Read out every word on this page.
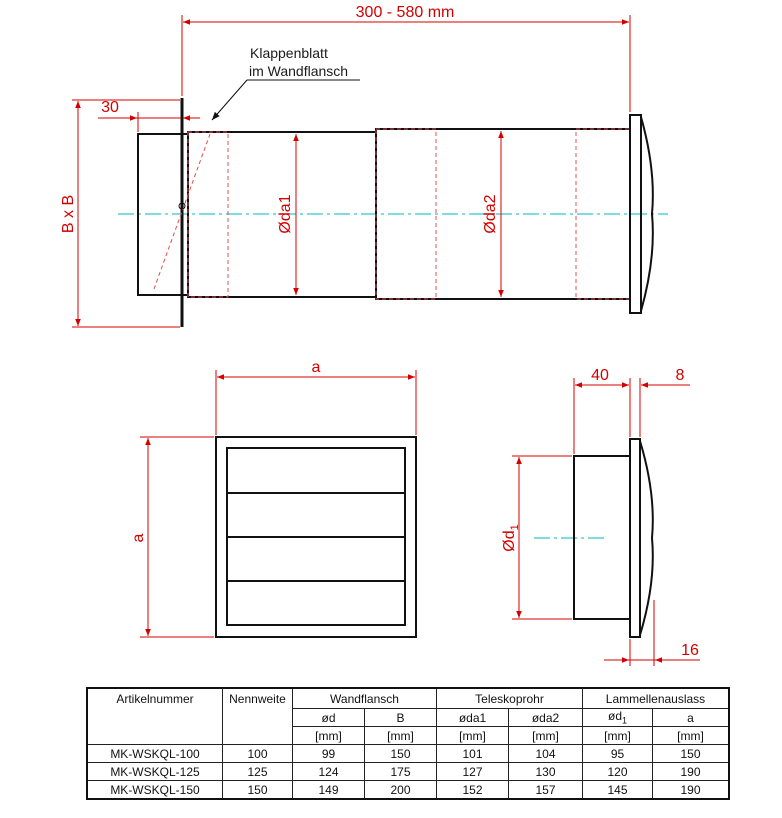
300 - 580 mm
30
B x B	Øda1	Øda2
Klappenblatt
im Wandflansch
a
a
40	8
$Ød_1$
16
Artikelnummer	Nennweite	Wandflansch		Teleskoprohr		Lammellenauslass	
		ød	B	øda1	øda2	$ød_1$	a
		[mm]	[mm]	[mm]	[mm]	[mm]	[mm]
MK-WSKQL-100	100	99	150	101	104	95	150
MK-WSKQL-125	125	124	175	127	130	120	190
MK-WSKQL-150	150	149	200	152	157	145	190
